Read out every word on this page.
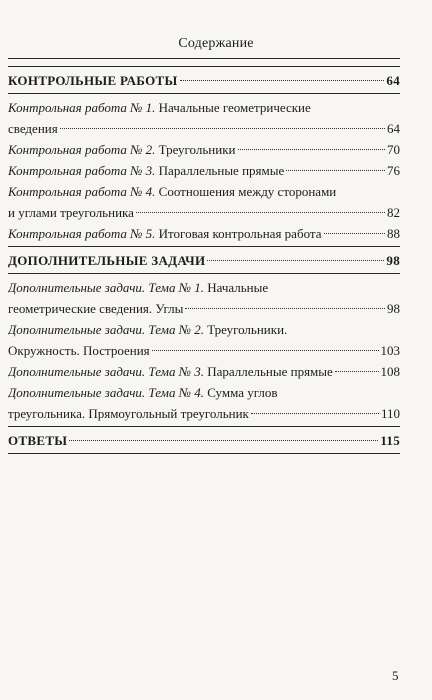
Содержание
КОНТРОЛЬНЫЕ РАБОТЫ	64
Контрольная работа № 1. Начальные геометрические
сведения	64
Контрольная работа № 2. Треугольники	70
Контрольная работа № 3. Параллельные прямые	76
Контрольная работа № 4. Соотношения между сторонами
и углами треугольника	82
Контрольная работа № 5. Итоговая контрольная работа	88
ДОПОЛНИТЕЛЬНЫЕ ЗАДАЧИ	98
Дополнительные задачи. Тема № 1. Начальные
геометрические сведения. Углы	98
Дополнительные задачи. Тема № 2. Треугольники.
Окружность. Построения	103
Дополнительные задачи. Тема № 3. Параллельные прямые	108
Дополнительные задачи. Тема № 4. Сумма углов
треугольника. Прямоугольный треугольник	110
ОТВЕТЫ	115
5
